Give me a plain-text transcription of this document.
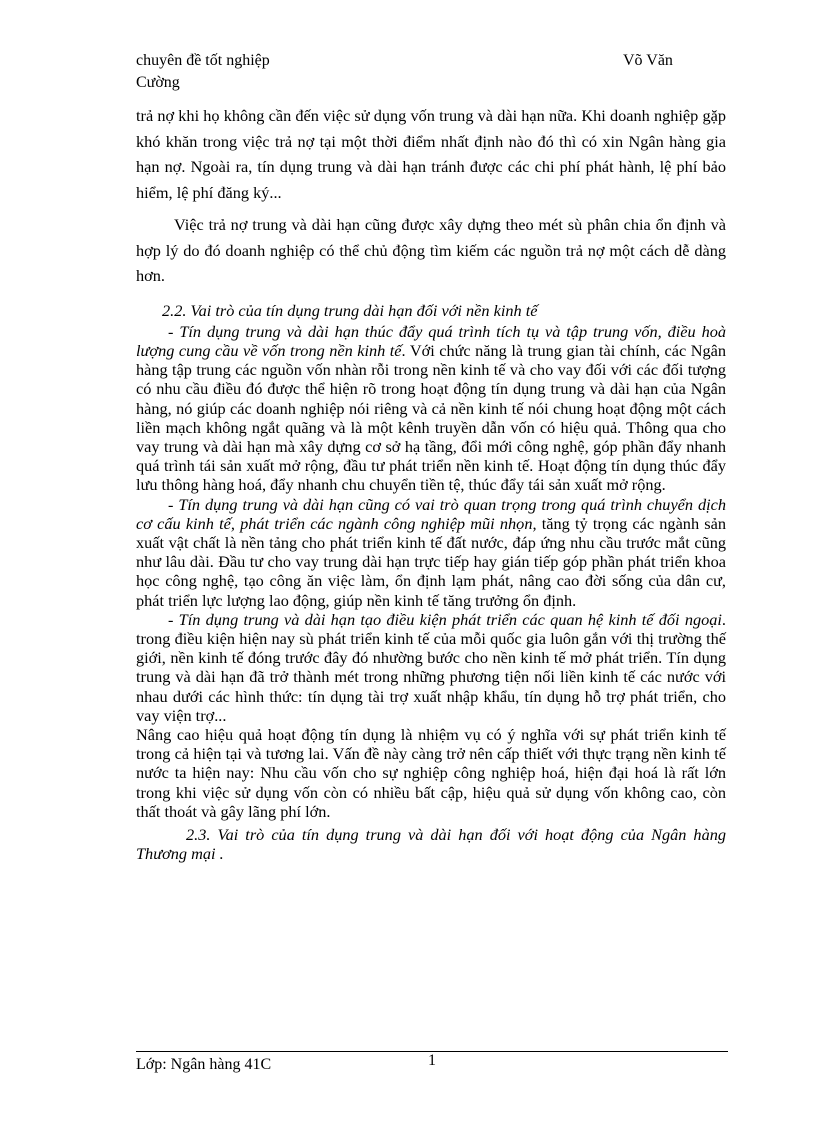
chuyên đề tốt nghiệp
Cường
Võ Văn

trả nợ khi họ không cần đến việc sử dụng vốn trung và dài hạn nữa. Khi doanh nghiệp gặp khó khăn trong việc trả nợ tại một thời điểm nhất định nào đó thì có xin Ngân hàng gia hạn nợ. Ngoài ra, tín dụng trung và dài hạn tránh được các chi phí phát hành, lệ phí bảo hiểm, lệ phí đăng ký...

Việc trả nợ trung và dài hạn cũng được xây dựng theo mét sù phân chia ổn định và hợp lý do đó doanh nghiệp có thể chủ động tìm kiếm các nguồn trả nợ một cách dễ dàng hơn.

2.2. Vai trò của tín dụng trung dài hạn đối với nền kinh tế

- Tín dụng trung và dài hạn thúc đẩy quá trình tích tụ và tập trung vốn, điều hoà lượng cung cầu về vốn trong nền kinh tế. Với chức năng là trung gian tài chính, các Ngân hàng tập trung các nguồn vốn nhàn rỗi trong nền kinh tế và cho vay đối với các đối tượng có nhu cầu điều đó được thể hiện rõ trong hoạt động tín dụng trung và dài hạn của Ngân hàng, nó giúp các doanh nghiệp nói riêng và cả nền kinh tế nói chung hoạt động một cách liền mạch không ngắt quãng và là một kênh truyền dẫn vốn có hiệu quả. Thông qua cho vay trung và dài hạn mà xây dựng cơ sở hạ tầng, đổi mới công nghệ, góp phần đẩy nhanh quá trình tái sản xuất mở rộng, đầu tư phát triển nền kinh tế. Hoạt động tín dụng thúc đẩy lưu thông hàng hoá, đẩy nhanh chu chuyển tiền tệ, thúc đẩy tái sản xuất mở rộng.

- Tín dụng trung và dài hạn cũng có vai trò quan trọng trong quá trình chuyển dịch cơ cấu kinh tế, phát triển các ngành công nghiệp mũi nhọn, tăng tỷ trọng các ngành sản xuất vật chất là nền tảng cho phát triển kinh tế đất nước, đáp ứng nhu cầu trước mắt cũng như lâu dài. Đầu tư cho vay trung dài hạn trực tiếp hay gián tiếp góp phần phát triển khoa học công nghệ, tạo công ăn việc làm, ổn định lạm phát, nâng cao đời sống của dân cư, phát triển lực lượng lao động, giúp nền kinh tế tăng trưởng ổn định.

- Tín dụng trung và dài hạn tạo điều kiện phát triển các quan hệ kinh tế đối ngoại. trong điều kiện hiện nay sù phát triển kinh tế của mỗi quốc gia luôn gắn với thị trường thế giới, nền kinh tế đóng trước đây đó nhường bước cho nền kinh tế mở phát triển. Tín dụng trung và dài hạn đã trở thành mét trong những phương tiện nối liền kinh tế các nước với nhau dưới các hình thức: tín dụng tài trợ xuất nhập khẩu, tín dụng hỗ trợ phát triển, cho vay viện trợ...

Nâng cao hiệu quả hoạt động tín dụng là nhiệm vụ có ý nghĩa với sự phát triển kinh tế trong cả hiện tại và tương lai. Vấn đề này càng trở nên cấp thiết với thực trạng nền kinh tế nước ta hiện nay: Nhu cầu vốn cho sự nghiệp công nghiệp hoá, hiện đại hoá là rất lớn trong khi việc sử dụng vốn còn có nhiều bất cập, hiệu quả sử dụng vốn không cao, còn thất thoát và gây lãng phí lớn.

2.3. Vai trò của tín dụng trung và dài hạn đối với hoạt động của Ngân hàng Thương mại .

Lớp: Ngân hàng 41C	1
